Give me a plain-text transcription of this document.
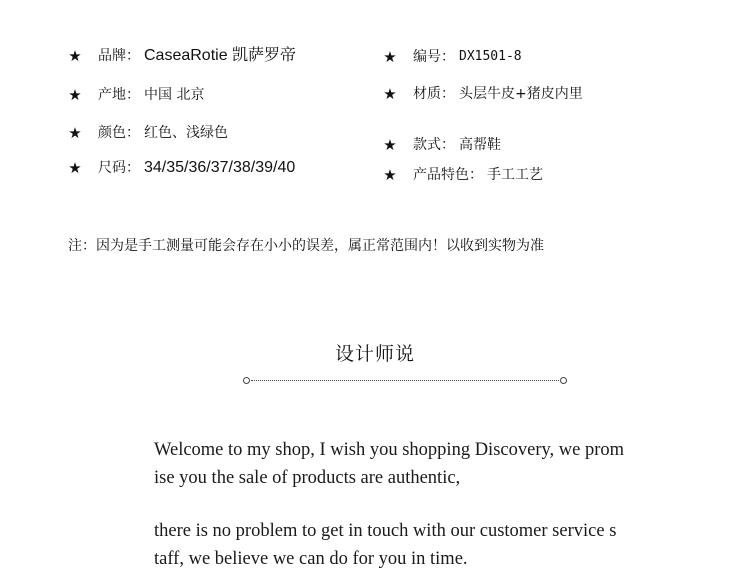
★ 品牌： CaseaRotie 凯萨罗帝
★ 产地： 中国 北京
★ 颜色： 红色、浅绿色
★ 尺码： 34/35/36/37/38/39/40
★ 编号： DX1501-8
★ 材质： 头层牛皮+猪皮内里
★ 款式： 高帮鞋
★ 产品特色： 手工工艺
注：因为是手工测量可能会存在小小的误差，属正常范围内！以收到实物为准
设计师说
Welcome to my shop, I wish you shopping Discovery, we prom
ise you the sale of products are authentic,
there is no problem to get in touch with our customer service s
taff, we believe we can do for you in time.
